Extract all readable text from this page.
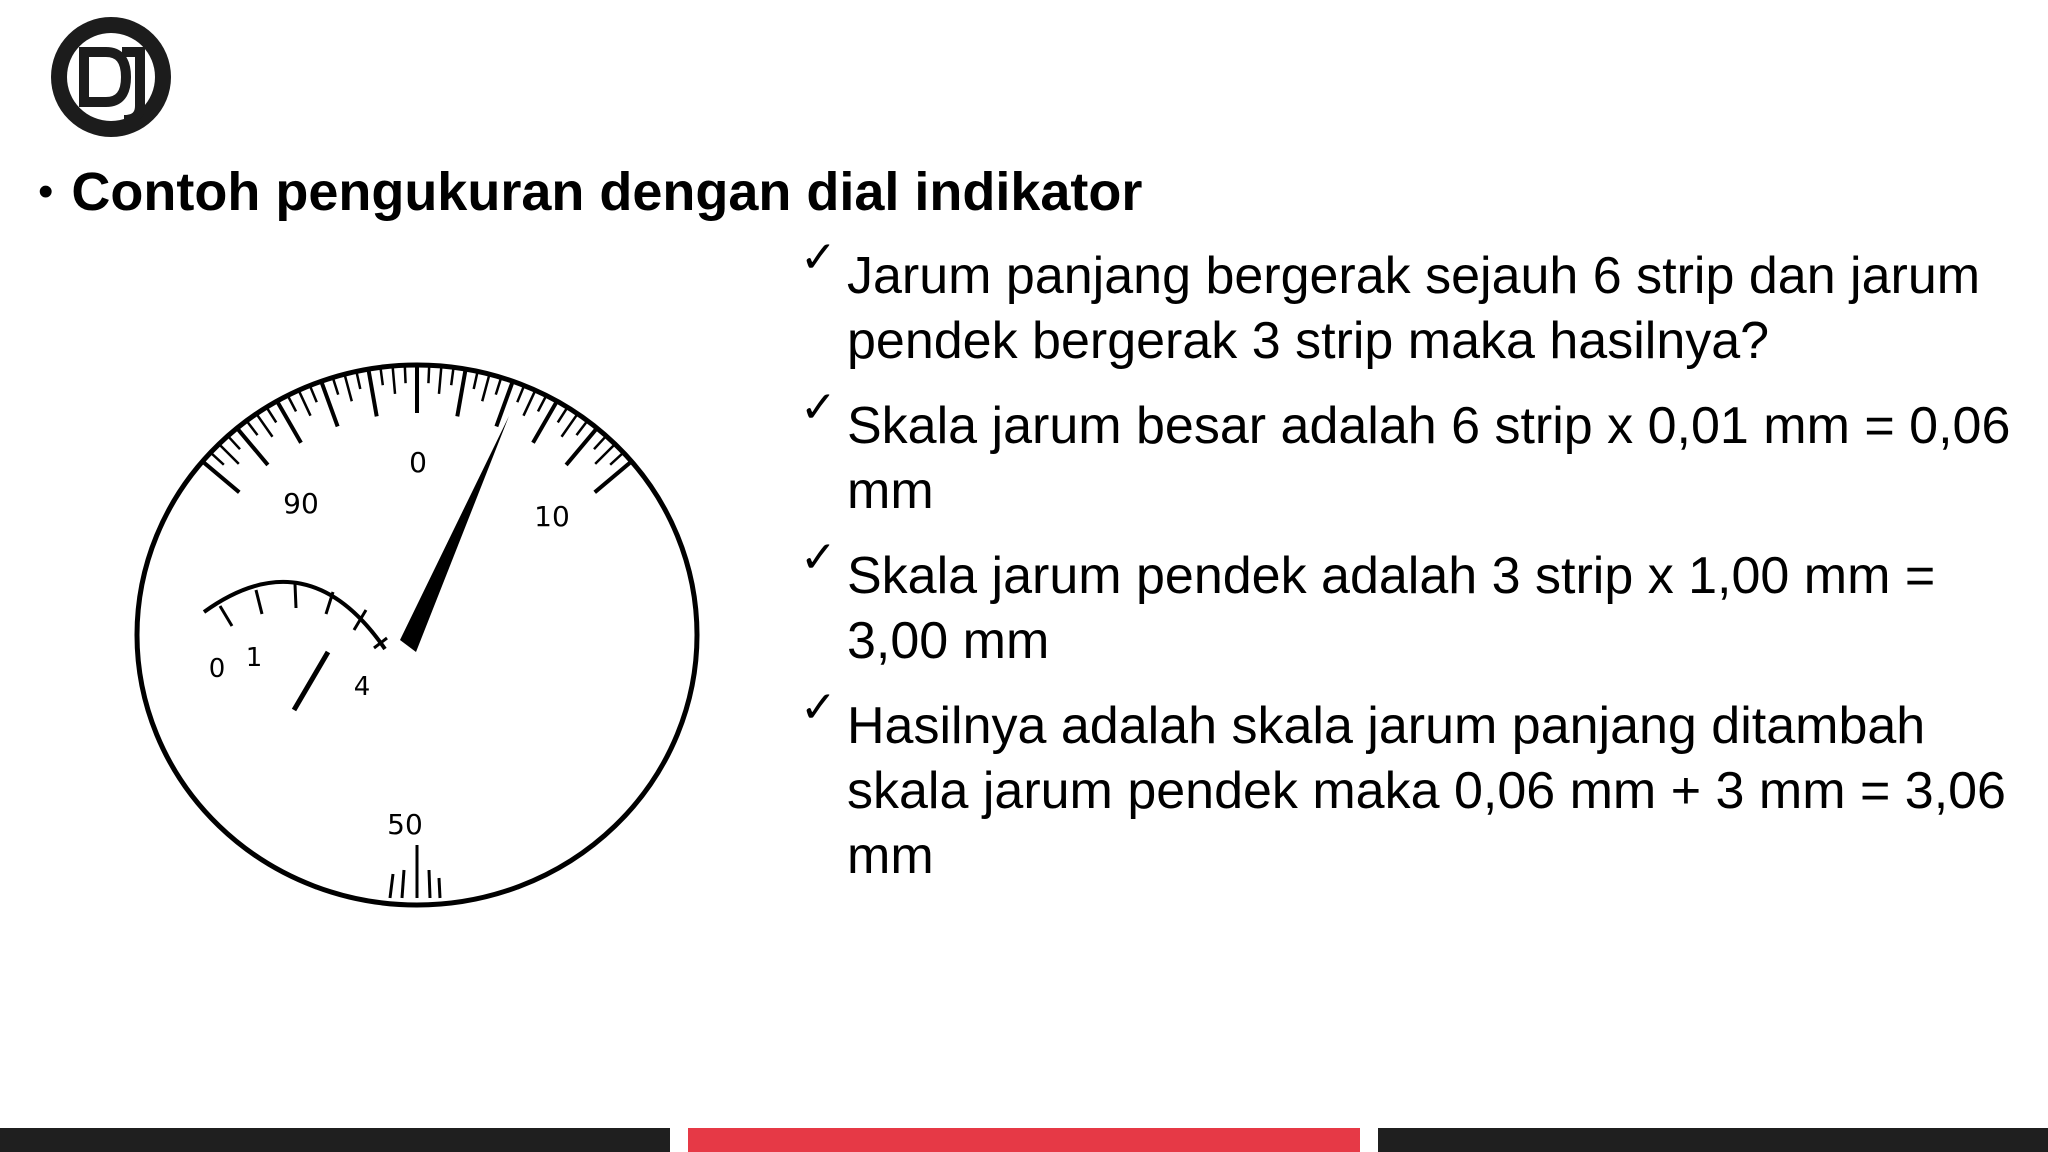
• Contoh pengukuran dengan dial indikator
0
10
50
90
0 1
4
✓ Jarum panjang bergerak sejauh 6 strip dan jarum pendek bergerak 3 strip maka hasilnya?
✓ Skala jarum besar adalah 6 strip x 0,01 mm = 0,06 mm
✓ Skala jarum pendek adalah 3 strip x 1,00 mm = 3,00 mm
✓ Hasilnya adalah skala jarum panjang ditambah skala jarum pendek maka 0,06 mm + 3 mm = 3,06 mm
